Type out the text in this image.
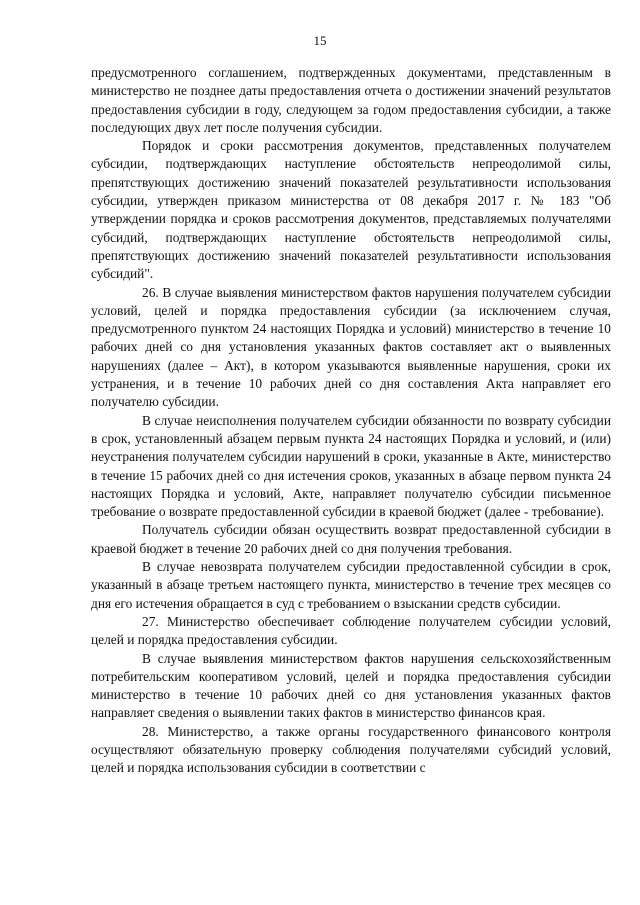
15

предусмотренного соглашением, подтвержденных документами, представленным в министерство не позднее даты предоставления отчета о достижении значений результатов предоставления субсидии в году, следующем за годом предоставления субсидии, а также последующих двух лет после получения субсидии.

Порядок и сроки рассмотрения документов, представленных получателем субсидии, подтверждающих наступление обстоятельств непреодолимой силы, препятствующих достижению значений показателей результативности использования субсидии, утвержден приказом министерства от 08 декабря 2017 г. № 183 "Об утверждении порядка и сроков рассмотрения документов, представляемых получателями субсидий, подтверждающих наступление обстоятельств непреодолимой силы, препятствующих достижению значений показателей результативности использования субсидий".

26. В случае выявления министерством фактов нарушения получателем субсидии условий, целей и порядка предоставления субсидии (за исключением случая, предусмотренного пунктом 24 настоящих Порядка и условий) министерство в течение 10 рабочих дней со дня установления указанных фактов составляет акт о выявленных нарушениях (далее – Акт), в котором указываются выявленные нарушения, сроки их устранения, и в течение 10 рабочих дней со дня составления Акта направляет его получателю субсидии.

В случае неисполнения получателем субсидии обязанности по возврату субсидии в срок, установленный абзацем первым пункта 24 настоящих Порядка и условий, и (или) неустранения получателем субсидии нарушений в сроки, указанные в Акте, министерство в течение 15 рабочих дней со дня истечения сроков, указанных в абзаце первом пункта 24 настоящих Порядка и условий, Акте, направляет получателю субсидии письменное требование о возврате предоставленной субсидии в краевой бюджет (далее - требование).

Получатель субсидии обязан осуществить возврат предоставленной субсидии в краевой бюджет в течение 20 рабочих дней со дня получения требования.

В случае невозврата получателем субсидии предоставленной субсидии в срок, указанный в абзаце третьем настоящего пункта, министерство в течение трех месяцев со дня его истечения обращается в суд с требованием о взыскании средств субсидии.

27. Министерство обеспечивает соблюдение получателем субсидии условий, целей и порядка предоставления субсидии.

В случае выявления министерством фактов нарушения сельскохозяйственным потребительским кооперативом условий, целей и порядка предоставления субсидии министерство в течение 10 рабочих дней со дня установления указанных фактов направляет сведения о выявлении таких фактов в министерство финансов края.

28. Министерство, а также органы государственного финансового контроля осуществляют обязательную проверку соблюдения получателями субсидий условий, целей и порядка использования субсидии в соответствии с
